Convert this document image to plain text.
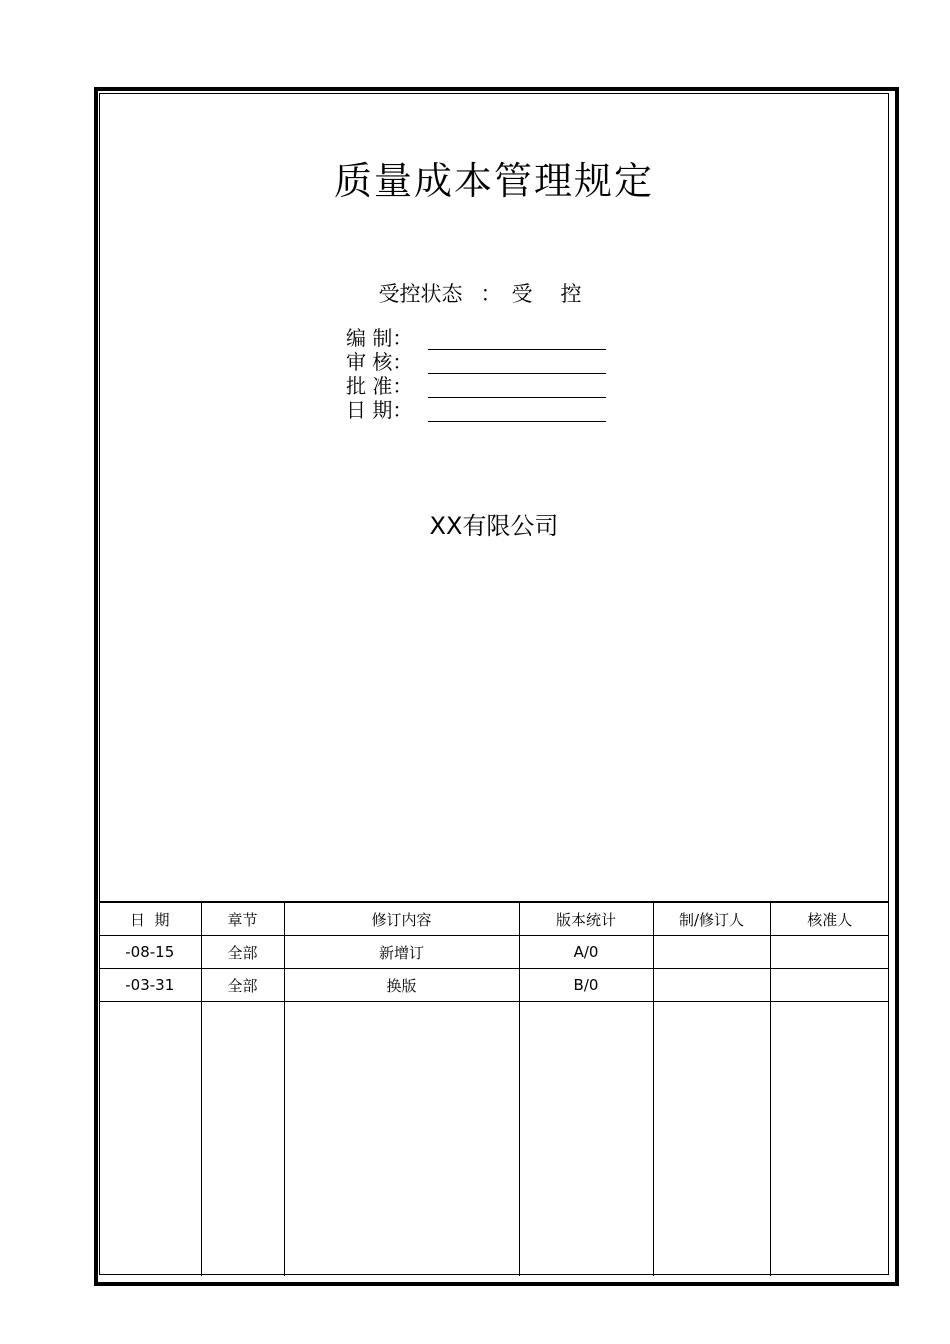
质量成本管理规定
受控状态 ： 受控
编 制：
审 核：
批 准：
日 期：
XX有限公司
日  期	章节	修订内容	版本统计	制/修订人	核准人
-08-15	全部	新增订	A/0		
-03-31	全部	换版	B/0		
